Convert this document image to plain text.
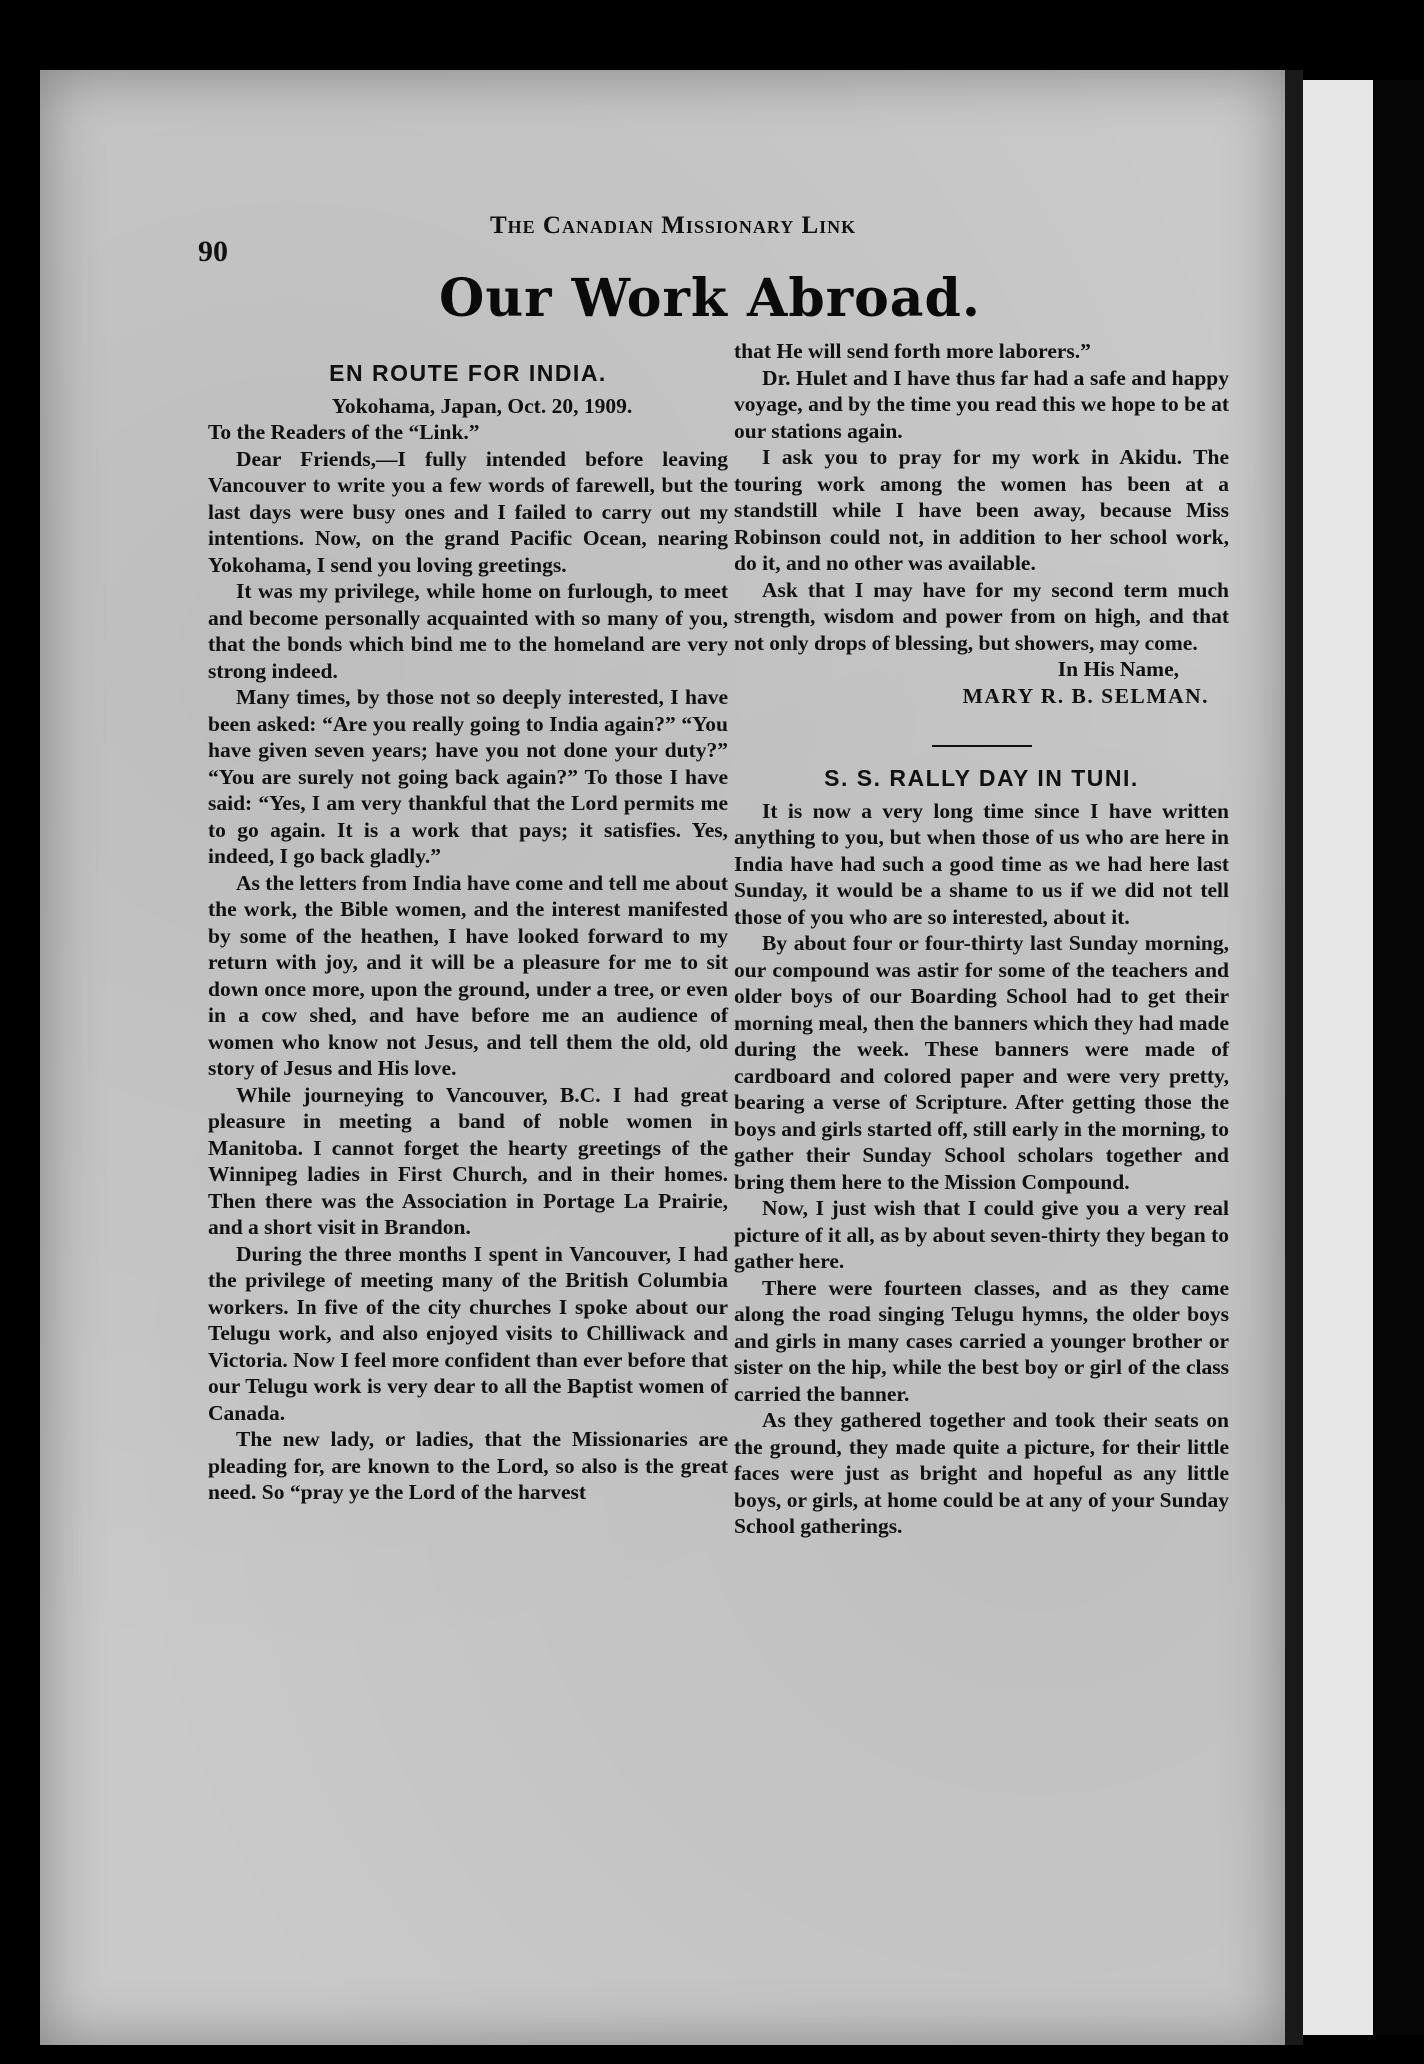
90
The Canadian Missionary Link
Our Work Abroad.
EN ROUTE FOR INDIA.

Yokohama, Japan, Oct. 20, 1909.

To the Readers of the “Link.”

Dear Friends,—I fully intended before leaving Vancouver to write you a few words of farewell, but the last days were busy ones and I failed to carry out my intentions. Now, on the grand Pacific Ocean, nearing Yokohama, I send you loving greetings.

It was my privilege, while home on furlough, to meet and become personally acquainted with so many of you, that the bonds which bind me to the homeland are very strong indeed.

Many times, by those not so deeply interested, I have been asked: “Are you really going to India again?” “You have given seven years; have you not done your duty?” “You are surely not going back again?” To those I have said: “Yes, I am very thankful that the Lord permits me to go again. It is a work that pays; it satisfies. Yes, indeed, I go back gladly.”

As the letters from India have come and tell me about the work, the Bible women, and the interest manifested by some of the heathen, I have looked forward to my return with joy, and it will be a pleasure for me to sit down once more, upon the ground, under a tree, or even in a cow shed, and have before me an audience of women who know not Jesus, and tell them the old, old story of Jesus and His love.

While journeying to Vancouver, B.C. I had great pleasure in meeting a band of noble women in Manitoba. I cannot forget the hearty greetings of the Winnipeg ladies in First Church, and in their homes. Then there was the Association in Portage La Prairie, and a short visit in Brandon.

During the three months I spent in Vancouver, I had the privilege of meeting many of the British Columbia workers. In five of the city churches I spoke about our Telugu work, and also enjoyed visits to Chilliwack and Victoria. Now I feel more confident than ever before that our Telugu work is very dear to all the Baptist women of Canada.

The new lady, or ladies, that the Missionaries are pleading for, are known to the Lord, so also is the great need. So “pray ye the Lord of the harvest

that He will send forth more laborers.”

Dr. Hulet and I have thus far had a safe and happy voyage, and by the time you read this we hope to be at our stations again.

I ask you to pray for my work in Akidu. The touring work among the women has been at a standstill while I have been away, because Miss Robinson could not, in addition to her school work, do it, and no other was available.

Ask that I may have for my second term much strength, wisdom and power from on high, and that not only drops of blessing, but showers, may come.

In His Name,

MARY R. B. SELMAN.

S. S. RALLY DAY IN TUNI.

It is now a very long time since I have written anything to you, but when those of us who are here in India have had such a good time as we had here last Sunday, it would be a shame to us if we did not tell those of you who are so interested, about it.

By about four or four-thirty last Sunday morning, our compound was astir for some of the teachers and older boys of our Boarding School had to get their morning meal, then the banners which they had made during the week. These banners were made of cardboard and colored paper and were very pretty, bearing a verse of Scripture. After getting those the boys and girls started off, still early in the morning, to gather their Sunday School scholars together and bring them here to the Mission Compound.

Now, I just wish that I could give you a very real picture of it all, as by about seven-thirty they began to gather here.

There were fourteen classes, and as they came along the road singing Telugu hymns, the older boys and girls in many cases carried a younger brother or sister on the hip, while the best boy or girl of the class carried the banner.

As they gathered together and took their seats on the ground, they made quite a picture, for their little faces were just as bright and hopeful as any little boys, or girls, at home could be at any of your Sunday School gatherings.
